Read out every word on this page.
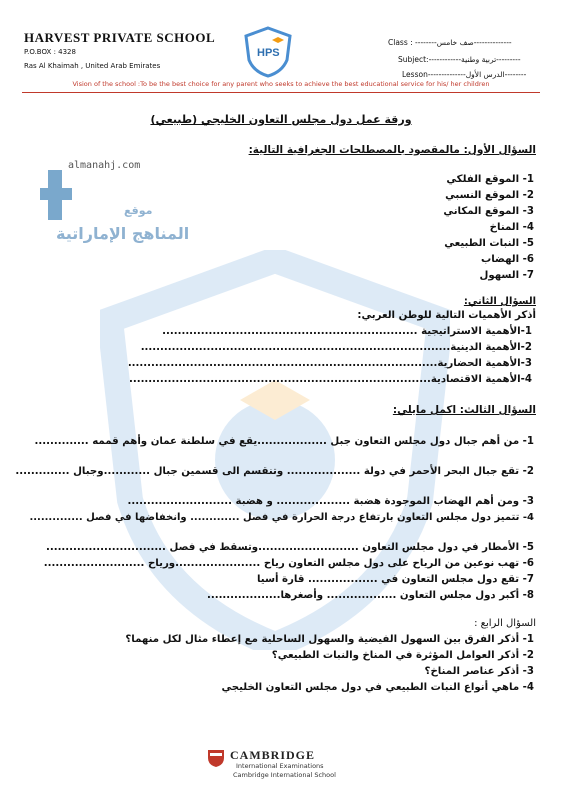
almanahj.com
موقع
المناهج الإماراتية
HARVEST PRIVATE SCHOOL
P.O.BOX : 4328
Ras Al Khaimah , United Arab Emirates
HPS
Class : --------صف خامس--------------
Subject:------------تربية وطنية---------
Lesson--------------الدرس الأول--------
Vision of the school :To be the best choice for any parent who seeks to achieve the best educational service for his/ her children
ورقة عمل دول مجلس التعاون الخليجي (طبيعي)
السؤال الأول: مالمقصود بالمصطلحات الجغرافية التالية:
1- الموقع الفلكي
2- الموقع النسبي
3- الموقع المكاني
4- المناخ
5- النبات الطبيعي
6- الهضاب
7- السهول
السؤال الثاني:
أذكر الأهميات التالية للوطن العربي:
1-الأهمية الاستراتيجية ..................................................................
2-الأهمية الدينية................................................................................
3-الأهمية الحضارية................................................................................
4-الأهمية الاقتصادية..............................................................................
السؤال الثالث: اكمل مايلي:
1- من أهم جبال دول مجلس التعاون جبل ..................يقع في سلطنة عمان وأهم قممه ..............
2- تقع جبال البحر الأحمر في دولة ................... وتنقسم الى قسمين جبال ............وجبال ..............
3- ومن أهم الهضاب الموجودة هضبة ................... و هضبة ...........................
4- تتميز دول مجلس التعاون بارتفاع درجة الحرارة في فصل ............. وانخفاضها في فصل ..............
5- الأمطار في دول مجلس التعاون ..........................وتسقط في فصل ...............................
6- تهب نوعين من الرياح على دول مجلس التعاون رياح ......................ورياح ..........................
7- تقع دول مجلس التعاون في .................. قارة أسيا
8- أكبر دول مجلس التعاون .................. وأصغرها...................
السؤال الرابع :
1- أذكر الفرق بين السهول الفيضية والسهول الساحلية مع إعطاء مثال لكل منهما؟
2- أذكر العوامل المؤثرة في المناخ والنبات الطبيعي؟
3- أذكر عناصر المناخ؟
4- ماهي أنواع النبات الطبيعي في دول مجلس التعاون الخليجي
CAMBRIDGE
International Examinations
Cambridge International School
